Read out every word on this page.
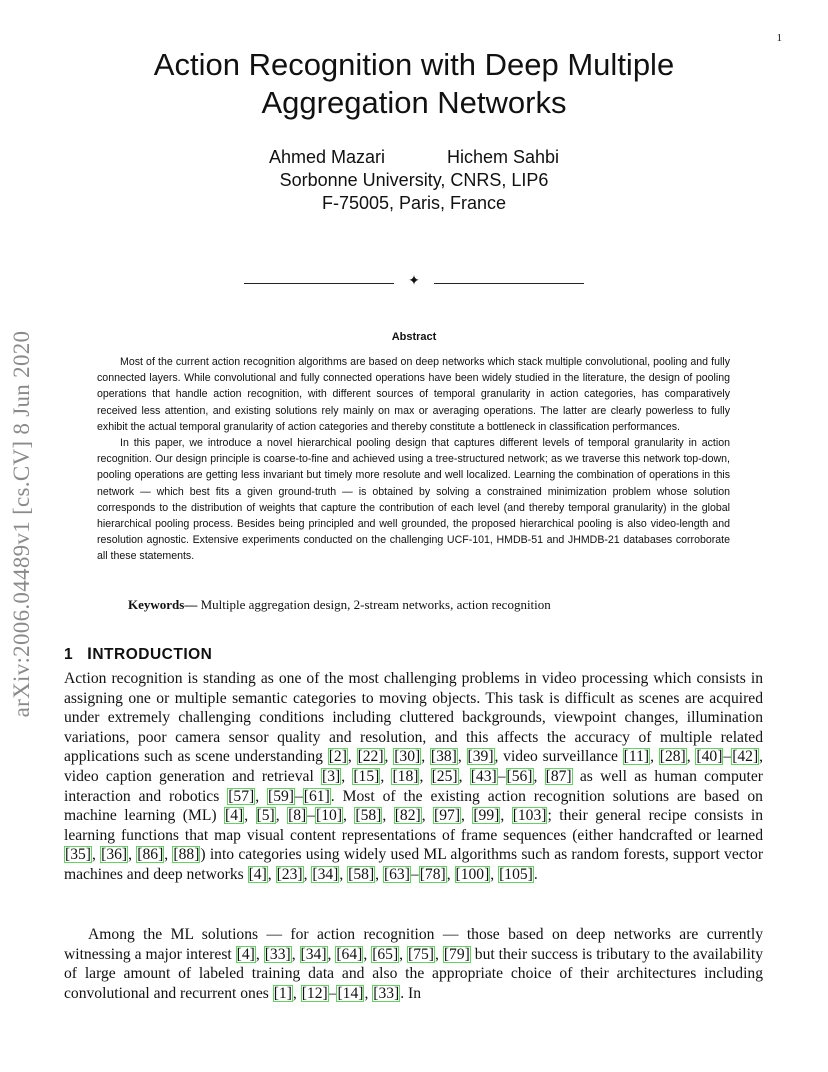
1
arXiv:2006.04489v1 [cs.CV] 8 Jun 2020
Action Recognition with Deep Multiple
Aggregation Networks
Ahmed Mazari	Hichem Sahbi
Sorbonne University, CNRS, LIP6
F-75005, Paris, France
✦
Abstract

Most of the current action recognition algorithms are based on deep networks which stack multiple convolutional, pooling and fully connected layers. While convolutional and fully connected operations have been widely studied in the literature, the design of pooling operations that handle action recognition, with different sources of temporal granularity in action categories, has comparatively received less attention, and existing solutions rely mainly on max or averaging operations. The latter are clearly powerless to fully exhibit the actual temporal granularity of action categories and thereby constitute a bottleneck in classification performances.

In this paper, we introduce a novel hierarchical pooling design that captures different levels of temporal granularity in action recognition. Our design principle is coarse-to-fine and achieved using a tree-structured network; as we traverse this network top-down, pooling operations are getting less invariant but timely more resolute and well localized. Learning the combination of operations in this network — which best fits a given ground-truth — is obtained by solving a constrained minimization problem whose solution corresponds to the distribution of weights that capture the contribution of each level (and thereby temporal granularity) in the global hierarchical pooling process. Besides being principled and well grounded, the proposed hierarchical pooling is also video-length and resolution agnostic. Extensive experiments conducted on the challenging UCF-101, HMDB-51 and JHMDB-21 databases corroborate all these statements.

Keywords— Multiple aggregation design, 2-stream networks, action recognition
1 INTRODUCTION

Action recognition is standing as one of the most challenging problems in video processing which consists in assigning one or multiple semantic categories to moving objects. This task is difficult as scenes are acquired under extremely challenging conditions including cluttered backgrounds, viewpoint changes, illumination variations, poor camera sensor quality and resolution, and this affects the accuracy of multiple related applications such as scene understanding [2], [22], [30], [38], [39], video surveillance [11], [28], [40]–[42], video caption generation and retrieval [3], [15], [18], [25], [43]–[56], [87] as well as human computer interaction and robotics [57], [59]–[61]. Most of the existing action recognition solutions are based on machine learning (ML) [4], [5], [8]–[10], [58], [82], [97], [99], [103]; their general recipe consists in learning functions that map visual content representations of frame sequences (either handcrafted or learned [35], [36], [86], [88]) into categories using widely used ML algorithms such as random forests, support vector machines and deep networks [4], [23], [34], [58], [63]–[78], [100], [105].

Among the ML solutions — for action recognition — those based on deep networks are currently witnessing a major interest [4], [33], [34], [64], [65], [75], [79] but their success is tributary to the availability of large amount of labeled training data and also the appropriate choice of their architectures including convolutional and recurrent ones [1], [12]–[14], [33]. In
